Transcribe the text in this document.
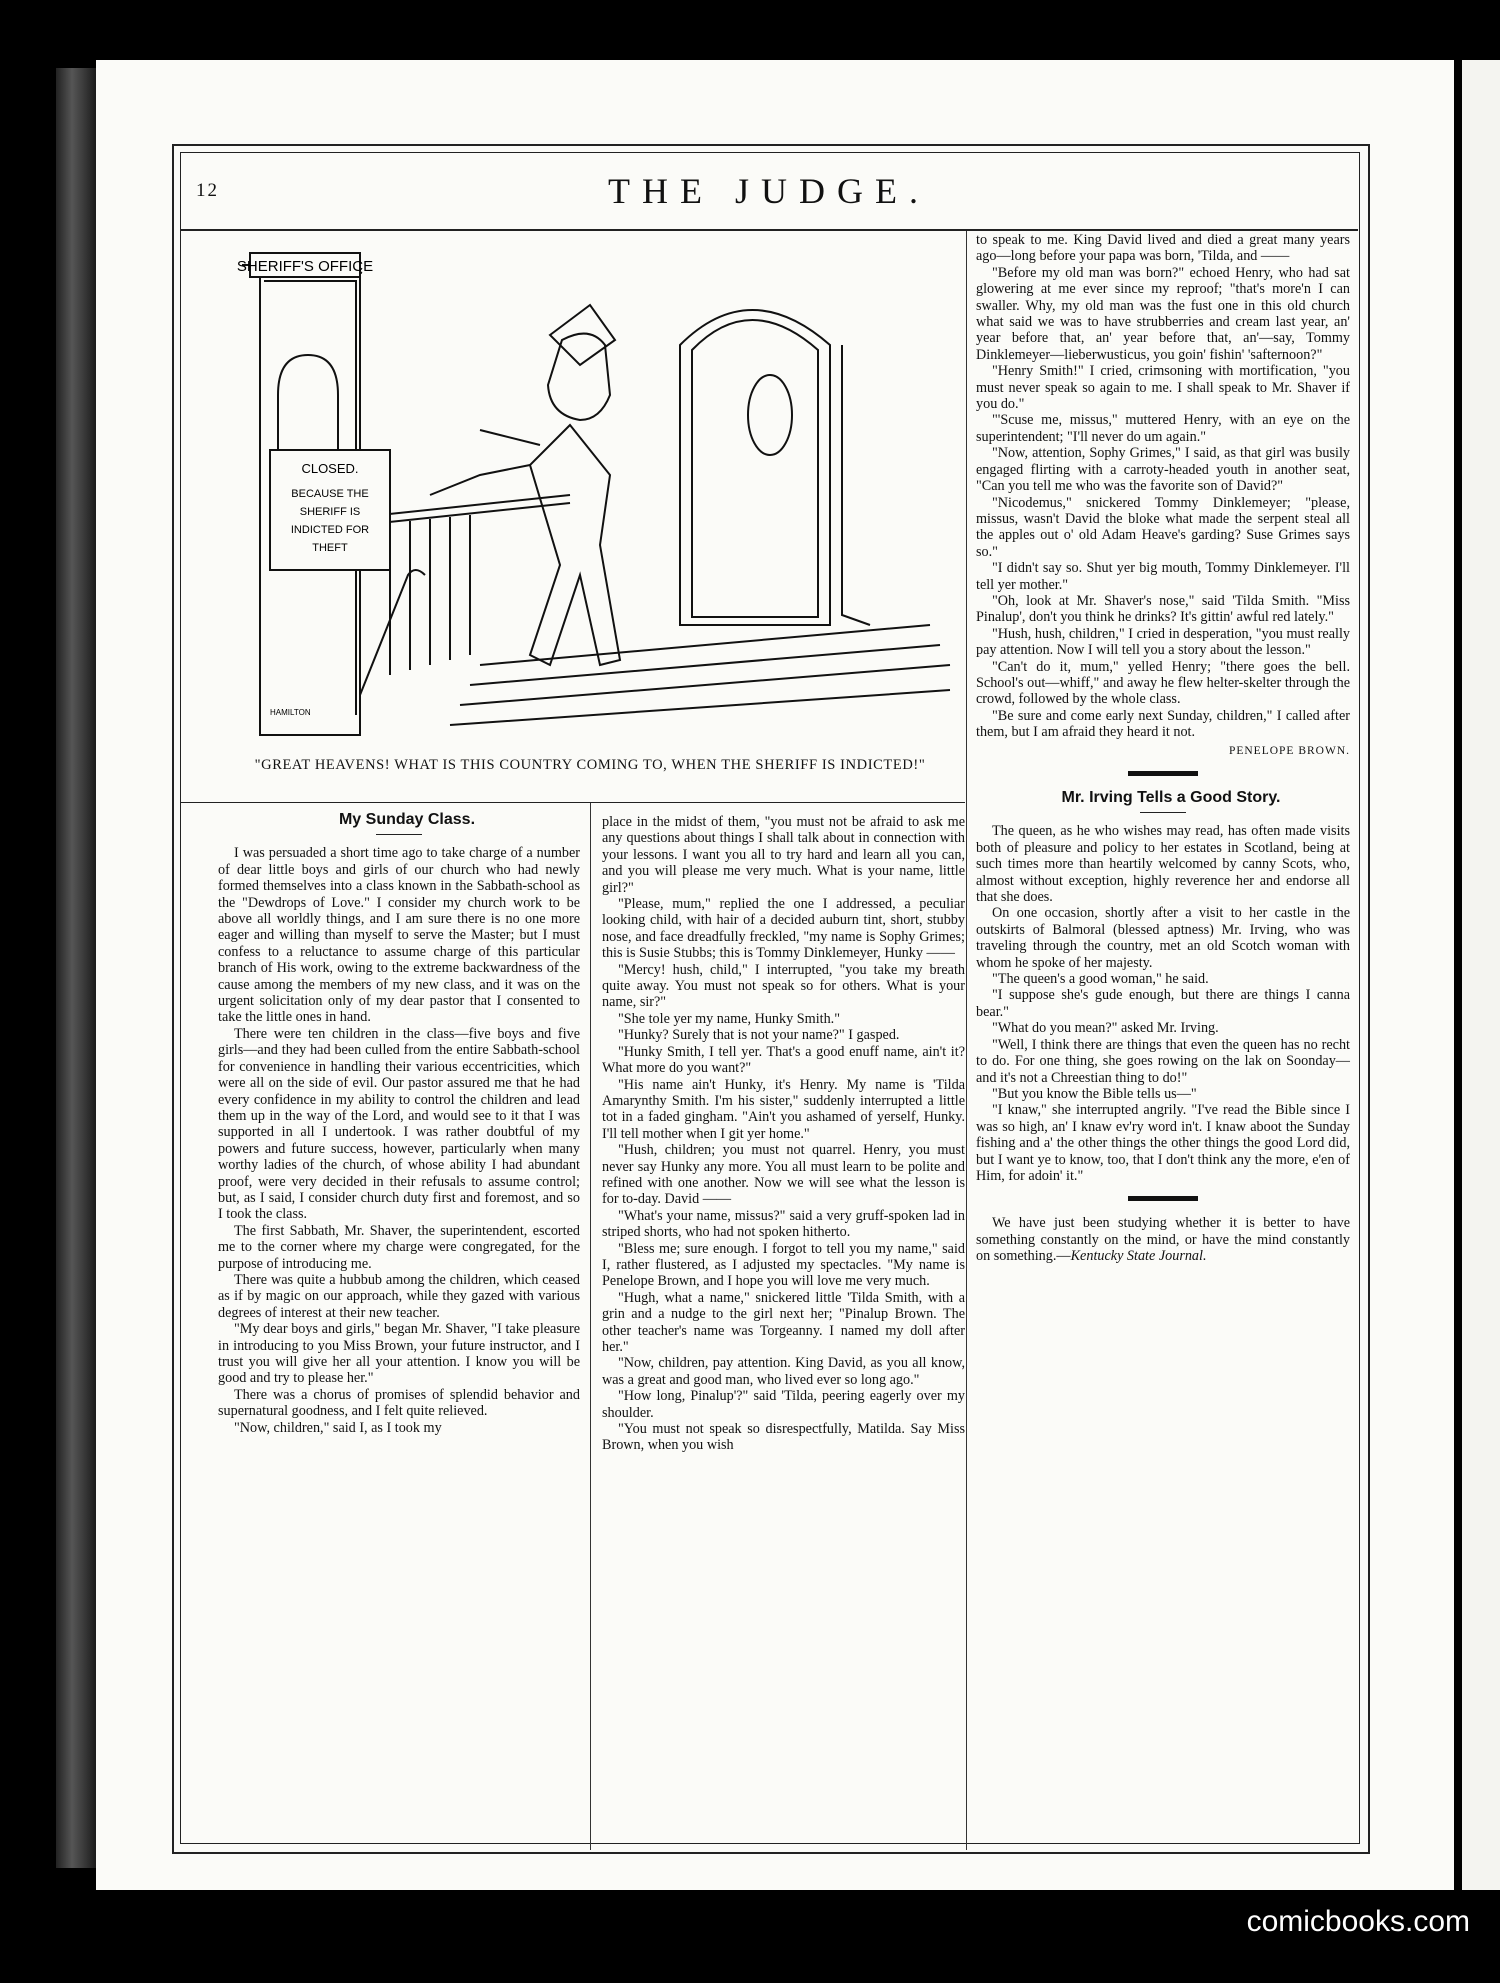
12	THE JUDGE.
SHERIFF'S OFFICE
CLOSED.
BECAUSE THE
SHERIFF IS
INDICTED FOR
THEFT
HAMILTON
"GREAT HEAVENS! WHAT IS THIS COUNTRY COMING TO, WHEN THE SHERIFF IS INDICTED!"

My Sunday Class.

I was persuaded a short time ago to take charge of a number of dear little boys and girls of our church who had newly formed themselves into a class known in the Sabbath-school as the "Dewdrops of Love." I consider my church work to be above all worldly things, and I am sure there is no one more eager and willing than myself to serve the Master; but I must confess to a reluctance to assume charge of this particular branch of His work, owing to the extreme backwardness of the cause among the members of my new class, and it was on the urgent solicitation only of my dear pastor that I consented to take the little ones in hand.

There were ten children in the class—five boys and five girls—and they had been culled from the entire Sabbath-school for convenience in handling their various eccentricities, which were all on the side of evil. Our pastor assured me that he had every confidence in my ability to control the children and lead them up in the way of the Lord, and would see to it that I was supported in all I undertook. I was rather doubtful of my powers and future success, however, particularly when many worthy ladies of the church, of whose ability I had abundant proof, were very decided in their refusals to assume control; but, as I said, I consider church duty first and foremost, and so I took the class.

The first Sabbath, Mr. Shaver, the superintendent, escorted me to the corner where my charge were congregated, for the purpose of introducing me.

There was quite a hubbub among the children, which ceased as if by magic on our approach, while they gazed with various degrees of interest at their new teacher.

"My dear boys and girls," began Mr. Shaver, "I take pleasure in introducing to you Miss Brown, your future instructor, and I trust you will give her all your attention. I know you will be good and try to please her."

There was a chorus of promises of splendid behavior and supernatural goodness, and I felt quite relieved.

"Now, children," said I, as I took my

place in the midst of them, "you must not be afraid to ask me any questions about things I shall talk about in connection with your lessons. I want you all to try hard and learn all you can, and you will please me very much. What is your name, little girl?"

"Please, mum," replied the one I addressed, a peculiar looking child, with hair of a decided auburn tint, short, stubby nose, and face dreadfully freckled, "my name is Sophy Grimes; this is Susie Stubbs; this is Tommy Dinklemeyer, Hunky ——

"Mercy! hush, child," I interrupted, "you take my breath quite away. You must not speak so for others. What is your name, sir?"

"She tole yer my name, Hunky Smith."

"Hunky? Surely that is not your name?" I gasped.

"Hunky Smith, I tell yer. That's a good enuff name, ain't it? What more do you want?"

"His name ain't Hunky, it's Henry. My name is 'Tilda Amarynthy Smith. I'm his sister," suddenly interrupted a little tot in a faded gingham. "Ain't you ashamed of yerself, Hunky. I'll tell mother when I git yer home."

"Hush, children; you must not quarrel. Henry, you must never say Hunky any more. You all must learn to be polite and refined with one another. Now we will see what the lesson is for to-day. David ——

"What's your name, missus?" said a very gruff-spoken lad in striped shorts, who had not spoken hitherto.

"Bless me; sure enough. I forgot to tell you my name," said I, rather flustered, as I adjusted my spectacles. "My name is Penelope Brown, and I hope you will love me very much.

"Hugh, what a name," snickered little 'Tilda Smith, with a grin and a nudge to the girl next her; "Pinalup Brown. The other teacher's name was Torgeanny. I named my doll after her."

"Now, children, pay attention. King David, as you all know, was a great and good man, who lived ever so long ago."

"How long, Pinalup'?" said 'Tilda, peering eagerly over my shoulder.

"You must not speak so disrespectfully, Matilda. Say Miss Brown, when you wish

to speak to me. King David lived and died a great many years ago—long before your papa was born, 'Tilda, and ——

"Before my old man was born?" echoed Henry, who had sat glowering at me ever since my reproof; "that's more'n I can swaller. Why, my old man was the fust one in this old church what said we was to have strubberries and cream last year, an' year before that, an' year before that, an'—say, Tommy Dinklemeyer—lieberwusticus, you goin' fishin' 'safternoon?"

"Henry Smith!" I cried, crimsoning with mortification, "you must never speak so again to me. I shall speak to Mr. Shaver if you do."

"'Scuse me, missus," muttered Henry, with an eye on the superintendent; "I'll never do um again."

"Now, attention, Sophy Grimes," I said, as that girl was busily engaged flirting with a carroty-headed youth in another seat, "Can you tell me who was the favorite son of David?"

"Nicodemus," snickered Tommy Dinklemeyer; "please, missus, wasn't David the bloke what made the serpent steal all the apples out o' old Adam Heave's garding? Suse Grimes says so."

"I didn't say so. Shut yer big mouth, Tommy Dinklemeyer. I'll tell yer mother."

"Oh, look at Mr. Shaver's nose," said 'Tilda Smith. "Miss Pinalup', don't you think he drinks? It's gittin' awful red lately."

"Hush, hush, children," I cried in desperation, "you must really pay attention. Now I will tell you a story about the lesson."

"Can't do it, mum," yelled Henry; "there goes the bell. School's out—whiff," and away he flew helter-skelter through the crowd, followed by the whole class.

"Be sure and come early next Sunday, children," I called after them, but I am afraid they heard it not.

PENELOPE BROWN.

Mr. Irving Tells a Good Story.

The queen, as he who wishes may read, has often made visits both of pleasure and policy to her estates in Scotland, being at such times more than heartily welcomed by canny Scots, who, almost without exception, highly reverence her and endorse all that she does.

On one occasion, shortly after a visit to her castle in the outskirts of Balmoral (blessed aptness) Mr. Irving, who was traveling through the country, met an old Scotch woman with whom he spoke of her majesty.

"The queen's a good woman," he said.

"I suppose she's gude enough, but there are things I canna bear."

"What do you mean?" asked Mr. Irving.

"Well, I think there are things that even the queen has no recht to do. For one thing, she goes rowing on the lak on Soonday—and it's not a Chreestian thing to do!"

"But you know the Bible tells us—"

"I knaw," she interrupted angrily. "I've read the Bible since I was so high, an' I knaw ev'ry word in't. I knaw aboot the Sunday fishing and a' the other things the other things the good Lord did, but I want ye to know, too, that I don't think any the more, e'en of Him, for adoin' it."

We have just been studying whether it is better to have something constantly on the mind, or have the mind constantly on something.—Kentucky State Journal.

comicbooks.com
